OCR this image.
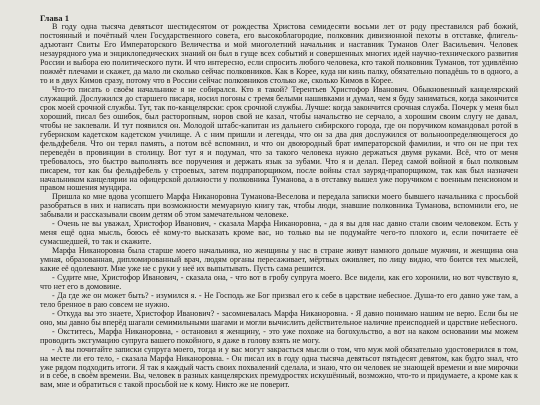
Глава 1

В году одна тысяча девятьсот шестидесятом от рождества Христова семидесяти восьми лет от роду преставился раб божий, постоянный и почётный член Государственного совета, его высокоблагородие, полковник дивизионной пехоты в отставке, флигель-адъютант Свиты Его Императорского Величества и мой многолетний начальник и наставник Туманов Олег Васильевич. Человек незаурядного ума и энциклопедических знаний он был в гуще всех событий и совершенных многих идей научно-технического развития России и выбора ею политического пути. И что интересно, если спросить любого человека, кто такой полковник Туманов, тот удивлённо пожмёт плечами и скажет, да мало ли сколько сейчас полковников. Как в Корее, куда ни кинь палку, обязательно попадёшь то в одного, а то и в двух Кимов сразу, потому что в России сейчас полковников столько же, сколько Кимов в Корее.

Что-то писать о своём начальнике я не собирался. Кто я такой? Терентьев Христофор Иванович. Обыкновенный канцелярский служащий. Дослужился до старшего писаря, носил погоны с тремя белыми нашивками и думал, чем я буду заниматься, когда закончится срок моей срочной службы. Тут, так по-канцелярски: срок срочной службы. Лучше: когда закончится срочная служба. Почерк у меня был хороший, писал без ошибок, был расторопным, норов свой не казал, чтобы начальство не серчало, а хорошим своим слугу не давал, чтобы не заклевали. И тут появился он. Молодой штабс-капитан из дальнего сибирского города, где он поручиком командовал ротой в губернском кадетском кадетском училище. А с ним пришли и легенды, что он за два дня дослужился от вольноопределяющегося до фельдфебеля. Что он терял память, а потом всё вспомнил, и что он двоюродный брат императорской фамилии, и что он не при тех переведён в провинции в столицу. Вот тут я и подумал, что за такого человека нужно держаться двумя руками. Всё, что от меня требовалось, это быстро выполнять все поручения и держать язык за зубами. Что я и делал. Перед самой войной я был полковым писарем, тот как бы фельдфебель у строевых, затем подпрапорщиком, после войны стал зауряд-прапорщиком, так как был назначен начальником канцелярии на офицерской должности у полковника Туманова, а в отставку вышел уже поручиком с военным пенсионом и правом ношения мундира.

Пришла ко мне вдова усопшего Марфа Никаноровна Туманова-Веселова и передала записки моего бывшего начальника с просьбой разобраться в них и написать при возможности мемуарную книгу так, чтобы люди, знавшие полковника Туманова, вспомнили его, не забывали и рассказывали своим детям об этом замечательном человеке.

- Очень не вы уважал, Христофор Иванович, - сказала Марфа Никаноровна, - да я вы для нас давно стали своим человеком. Есть у меня ещё одна мысль, боюсь её кому-то высказать кроме вас, но только вы не подумайте чего-то плохого и, если почитаете её сумасшедшей, то так и скажите.

Марфа Никаноровна была старше моего начальника, но женщины у нас в стране живут намного дольше мужчин, и женщина она умная, образованная, дипломированный врач, людям органы пересаживает, мёртвых оживляет, по лицу видно, что боится тех мыслей, какие её одолевают. Мне уже не с руки у неё их выпытывать. Пусть сама решится.

- Судите мне, Христофор Иванович, - сказала она, - что вот в гробу супруга моего. Все видели, как его хоронили, но вот чувствую я, что нет его в домовине.

- Да где же он может быть? - изумился я. - Не Господь же Бог призвал его к себе в царствие небесное. Душа-то его давно уже там, а тело бренное в раю совсем не нужно.

- Откуда вы это знаете, Христофор Иванович? - засомневалась Марфа Никаноровна. - Я давно понимаю нашим не верю. Если бы не оно, мы давно бы вперёд шагали семимильными шагами и могли вычислить действительное наличие преисподней и царствие небесного.

- Окститесь, Марфа Никаноровна, - остановил я женщину, - это уже похоже на богохульство, а вот на каком основании мы можем проводить эксгумацию супруга вашего покойного, я даже в голову взять не могу.

- А вы почитайте записки супруга моего, тогда и у вас могут закрасться мысли о том, что муж мой обязательно удостоверился в том, на месте ли его тело, - сказала Марфа Никаноровна. - Он писал их в году одна тысяча девятьсот пятьдесят девятом, как будто знал, что уже рядом подходить итоги. Я так я каждый часть своих похвалений сделала, и знаю, что он человек не знающей времени и вне мирочки и в себе, в своём времени. Вы, человек в разных канцелярских премудростях искушённый, возможно, что-то и придумаете, а кроме как к вам, мне и обратиться с такой просьбой не к кому. Никто же не поверит.
